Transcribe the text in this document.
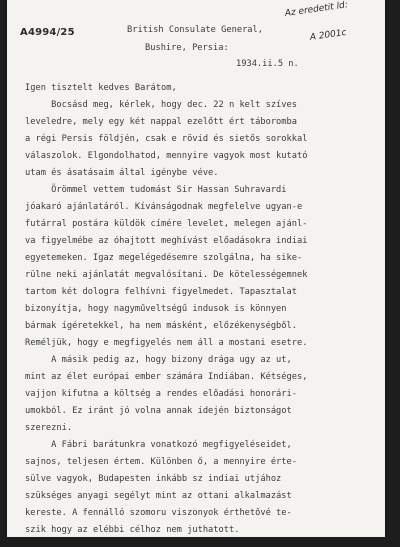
A4994/25
Az eredetit ld:
A 2001c
British Consulate General,
Bushire, Persia:
1934.ii.5 n.
Igen tisztelt kedves Barátom,
Bocsásd meg, kérlek, hogy dec. 22 n kelt szíves
leveledre, mely egy két nappal ezelőtt ért táboromba
a régi Persis földjén, csak e rövid és sietős sorokkal
válaszolok. Elgondolhatod, mennyire vagyok most kutató
utam és ásatásaim által igénybe véve.
Örömmel vettem tudomást Sir Hassan Suhravardi
jóakaró ajánlatáról. Kívánságodnak megfelelve ugyan-e
futárral postára küldök címére levelet, melegen ajánl-
va figyelmébe az óhajtott meghívást előadásokra indiai
egyetemeken. Igaz megelégedésemre szolgálna, ha sike-
rülne neki ajánlatát megvalósítani. De kötelességemnek
tartom két dologra felhívni figyelmedet. Tapasztalat
bizonyítja, hogy nagyműveltségű indusok is könnyen
bármak ígéretekkel, ha nem másként, előzékenységből.
Reméljük, hogy e megfigyelés nem áll a mostani esetre.
A másik pedig az, hogy bizony drága ugy az ut,
mint az élet európai ember számára Indiában. Kétséges,
vajjon kifutna a költség a rendes előadási honorári-
umokból. Ez iránt jó volna annak idején biztonságot
szerezni.
A Fábri barátunkra vonatkozó megfigyeléseidet,
sajnos, teljesen értem. Különben ő, a mennyire érte-
sülve vagyok, Budapesten inkább sz indiai utjához
szükséges anyagi segélyt mint az ottani alkalmazást
kereste. A fennálló szomoru viszonyok érthetővé te-
szik hogy az elébbi célhoz nem juthatott.
